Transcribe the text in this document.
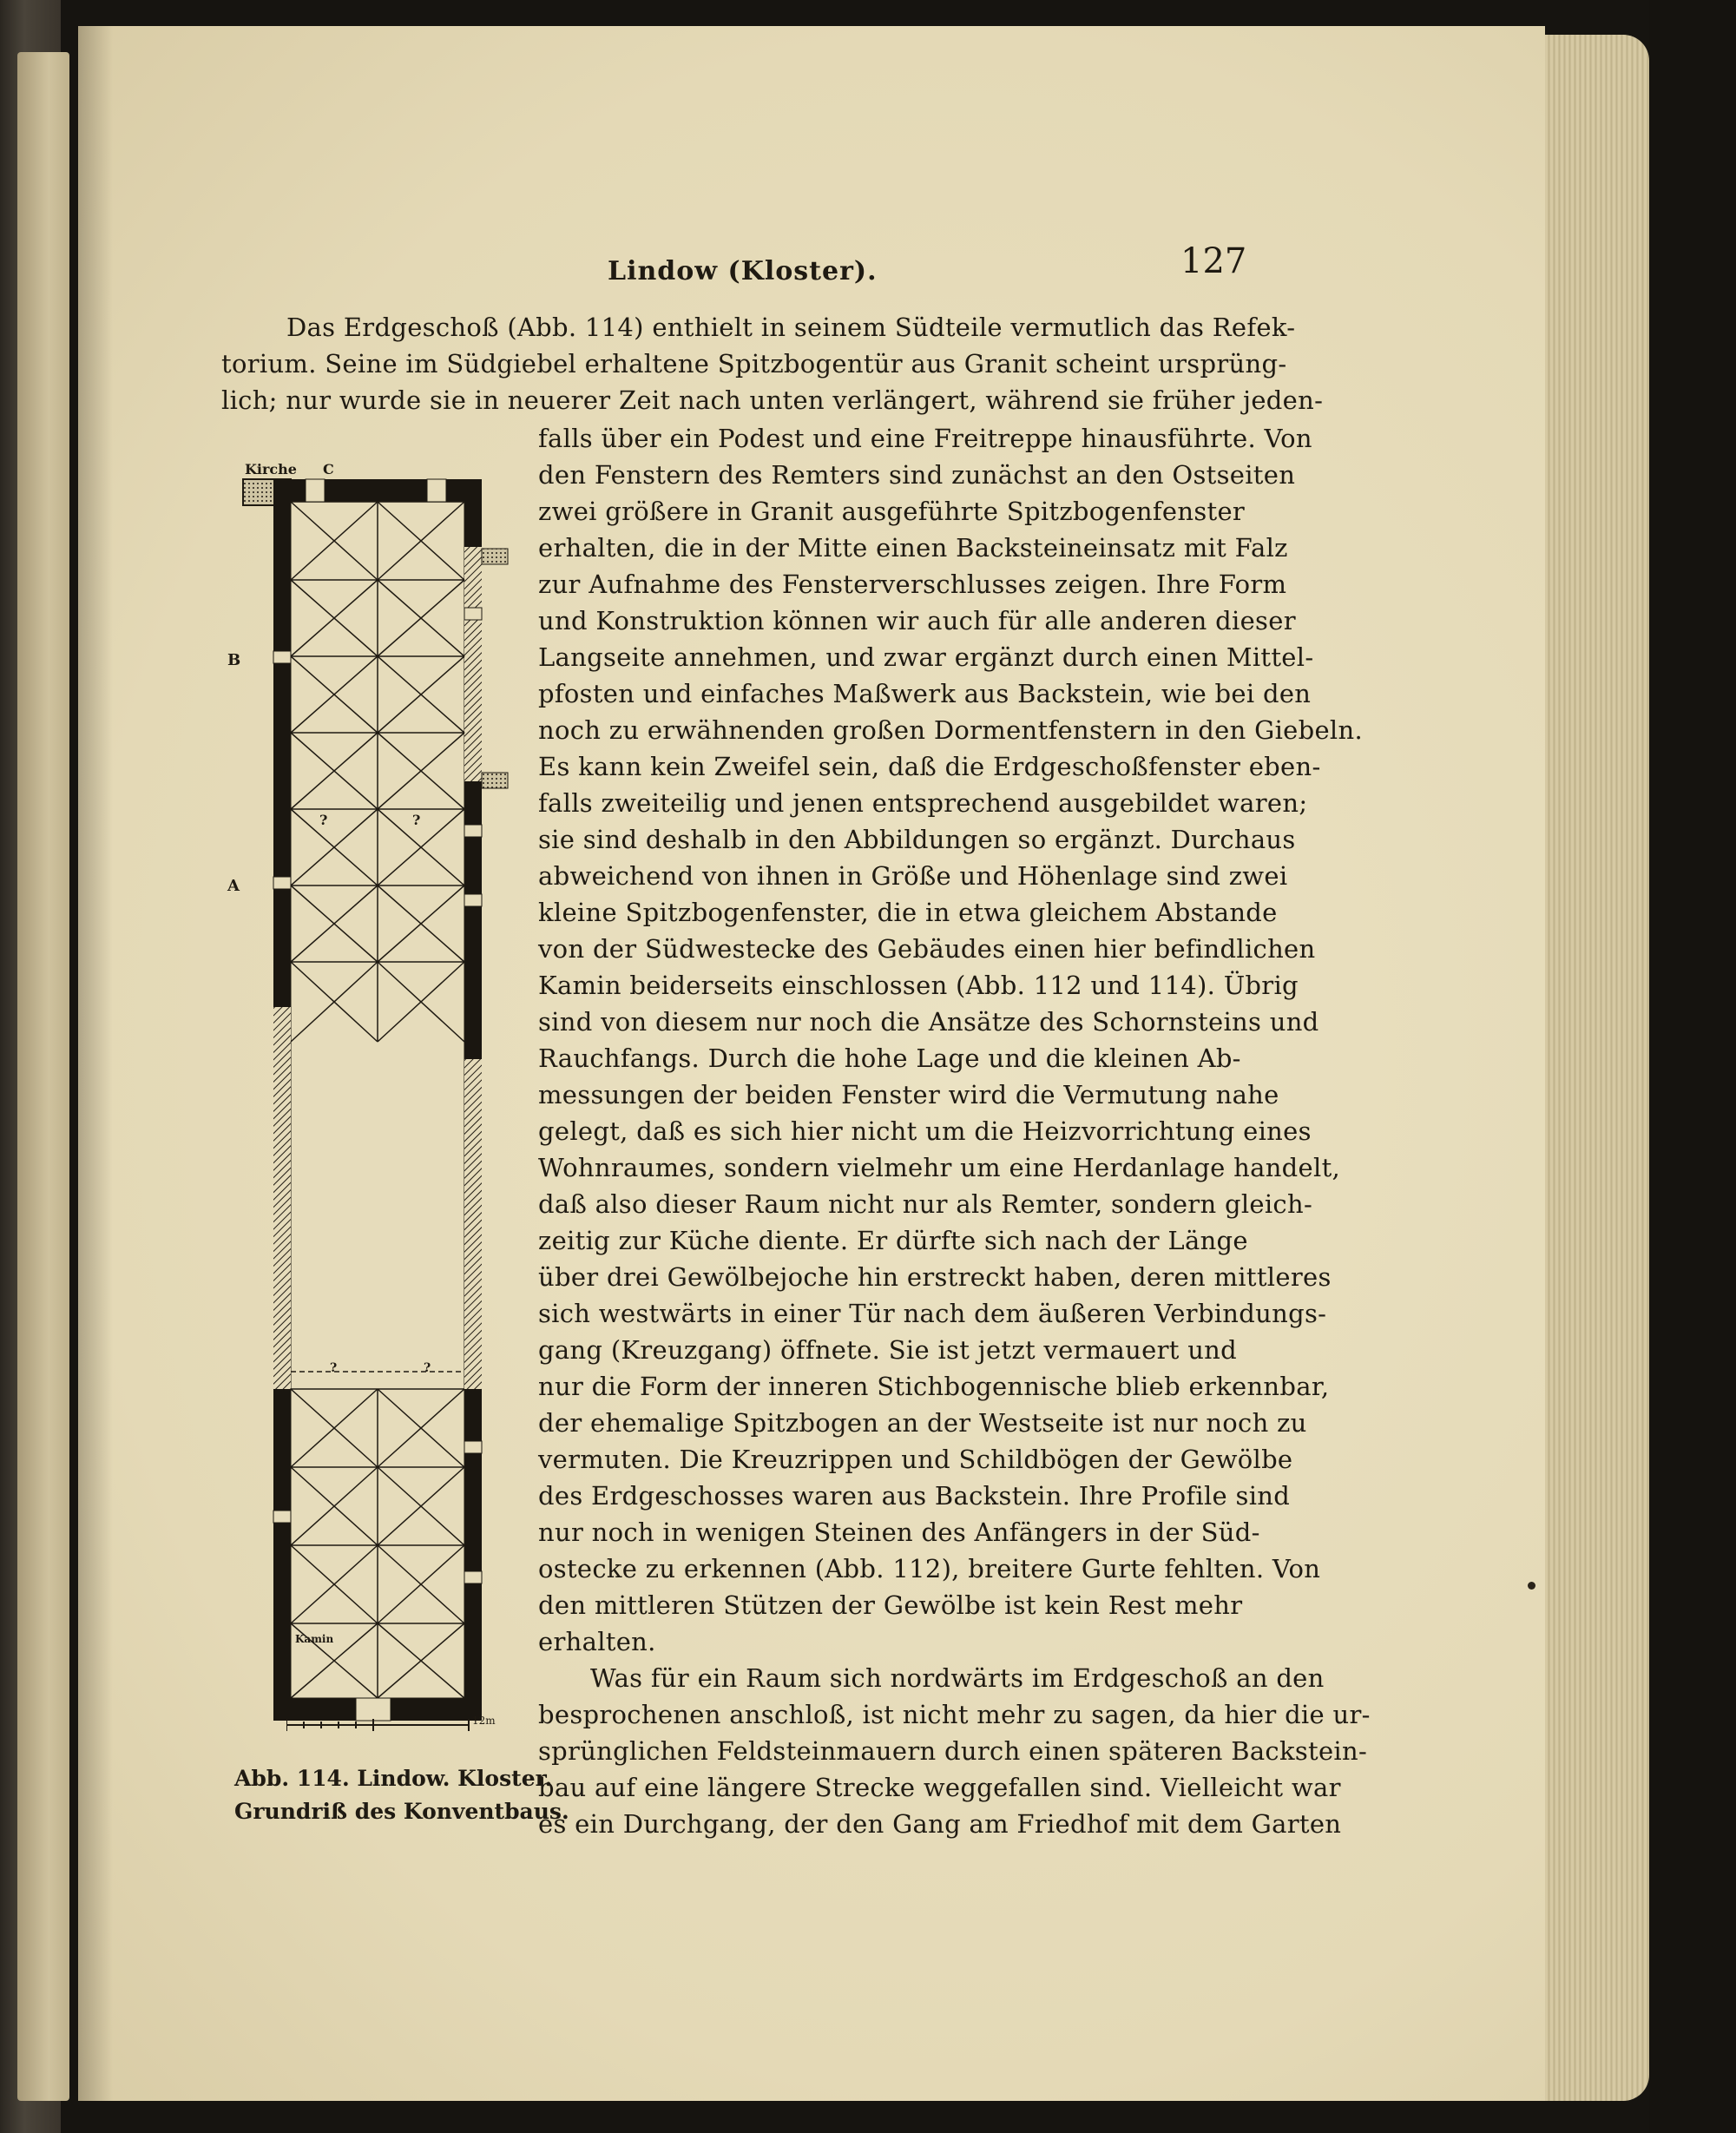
Lindow (Kloster).	127
Das Erdgeschoß (Abb. 114) enthielt in seinem Südteile vermutlich das Refek-
torium. Seine im Südgiebel erhaltene Spitzbogentür aus Granit scheint ursprüng-
lich; nur wurde sie in neuerer Zeit nach unten verlängert, während sie früher jeden-
falls über ein Podest und eine Freitreppe hinausführte. Von
den Fenstern des Remters sind zunächst an den Ostseiten
zwei größere in Granit ausgeführte Spitzbogenfenster
erhalten, die in der Mitte einen Backsteineinsatz mit Falz
zur Aufnahme des Fensterverschlusses zeigen. Ihre Form
und Konstruktion können wir auch für alle anderen dieser
Langseite annehmen, und zwar ergänzt durch einen Mittel-
pfosten und einfaches Maßwerk aus Backstein, wie bei den
noch zu erwähnenden großen Dormentfenstern in den Giebeln.
Es kann kein Zweifel sein, daß die Erdgeschoßfenster eben-
falls zweiteilig und jenen entsprechend ausgebildet waren;
sie sind deshalb in den Abbildungen so ergänzt. Durchaus
abweichend von ihnen in Größe und Höhenlage sind zwei
kleine Spitzbogenfenster, die in etwa gleichem Abstande
von der Südwestecke des Gebäudes einen hier befindlichen
Kamin beiderseits einschlossen (Abb. 112 und 114). Übrig
sind von diesem nur noch die Ansätze des Schornsteins und
Rauchfangs. Durch die hohe Lage und die kleinen Ab-
messungen der beiden Fenster wird die Vermutung nahe
gelegt, daß es sich hier nicht um die Heizvorrichtung eines
Wohnraumes, sondern vielmehr um eine Herdanlage handelt,
daß also dieser Raum nicht nur als Remter, sondern gleich-
zeitig zur Küche diente. Er dürfte sich nach der Länge
über drei Gewölbejoche hin erstreckt haben, deren mittleres
sich westwärts in einer Tür nach dem äußeren Verbindungs-
gang (Kreuzgang) öffnete. Sie ist jetzt vermauert und
nur die Form der inneren Stichbogennische blieb erkennbar,
der ehemalige Spitzbogen an der Westseite ist nur noch zu
vermuten. Die Kreuzrippen und Schildbögen der Gewölbe
des Erdgeschosses waren aus Backstein. Ihre Profile sind
nur noch in wenigen Steinen des Anfängers in der Süd-
ostecke zu erkennen (Abb. 112), breitere Gurte fehlten. Von
den mittleren Stützen der Gewölbe ist kein Rest mehr
erhalten.
Was für ein Raum sich nordwärts im Erdgeschoß an den
besprochenen anschloß, ist nicht mehr zu sagen, da hier die ur-
sprünglichen Feldsteinmauern durch einen späteren Backstein-
bau auf eine längere Strecke weggefallen sind. Vielleicht war
es ein Durchgang, der den Gang am Friedhof mit dem Garten
Kirche C
B
A
Kamin
?	?
?	?
12m
Abb. 114. Lindow. Kloster.
Grundriß des Konventbaus.
